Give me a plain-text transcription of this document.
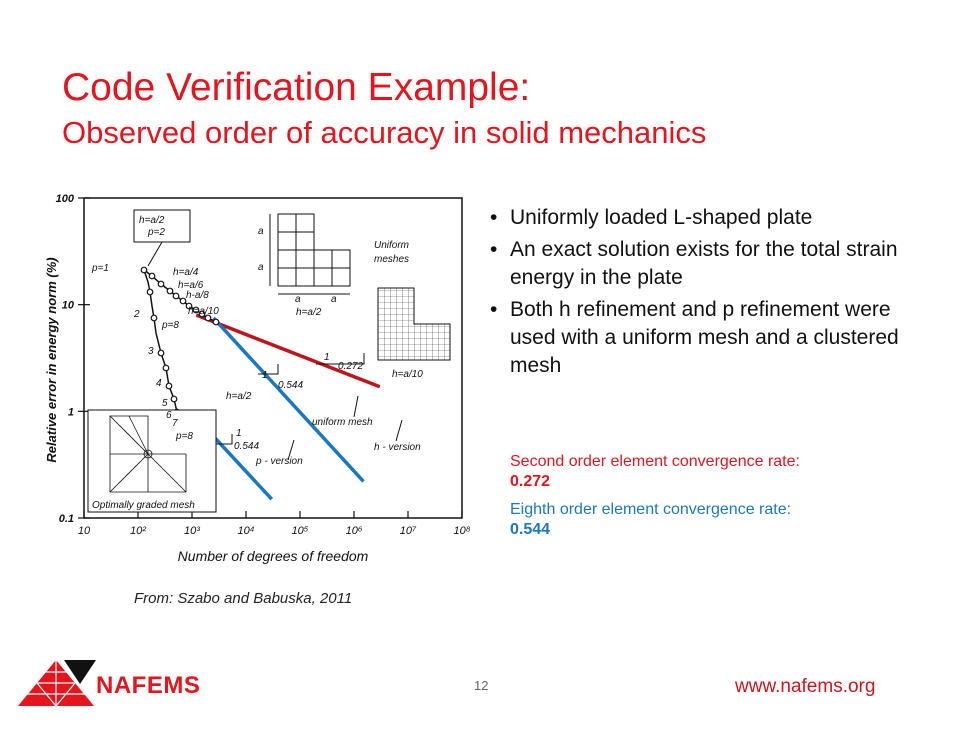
Code Verification Example:
Observed order of accuracy in solid mechanics
10	10²	10³	10⁴	10⁵	10⁶	10⁷	10⁸
100
10
1
0.1
Number of degrees of freedom
Relative error in energy norm (%)
h=a/2
p=2
h=a/4
h=a/6
h-a/8
h=a/10
p=8
p=1
2
3
4
5
6
7
h=a/2
p=8
0.272
0.544
0.544
1
1
1
Uniform
meshes
h=a/10
h=a/2
uniform mesh
h - version
p - version
Optimally graded mesh
a
a
a	a
From: Szabo and Babuska, 2011
• Uniformly loaded L-shaped plate
• An exact solution exists for the total strain energy in the plate
• Both h refinement and p refinement were used with a uniform mesh and a clustered mesh
Second order element convergence rate:
0.272
Eighth order element convergence rate:
0.544
NAFEMS	12	www.nafems.org
